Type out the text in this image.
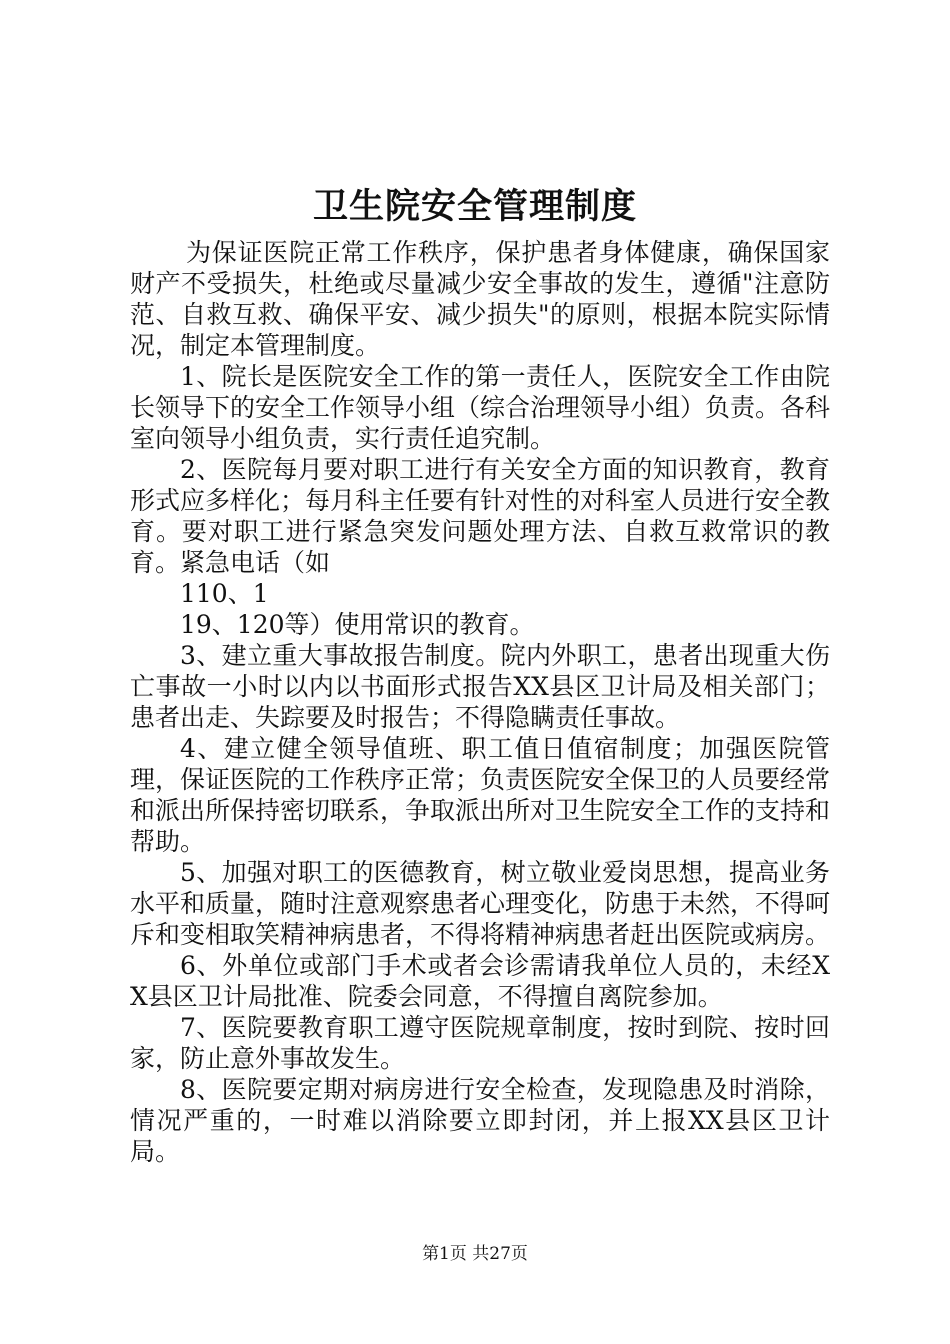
卫生院安全管理制度

为保证医院正常工作秩序，保护患者身体健康，确保国家财产不受损失，杜绝或尽量减少安全事故的发生，遵循"注意防范、自救互救、确保平安、减少损失"的原则，根据本院实际情况，制定本管理制度。

1、院长是医院安全工作的第一责任人，医院安全工作由院长领导下的安全工作领导小组（综合治理领导小组）负责。各科室向领导小组负责，实行责任追究制。

2、医院每月要对职工进行有关安全方面的知识教育，教育形式应多样化；每月科主任要有针对性的对科室人员进行安全教育。要对职工进行紧急突发问题处理方法、自救互救常识的教育。紧急电话（如

110、1

19、120等）使用常识的教育。

3、建立重大事故报告制度。院内外职工，患者出现重大伤亡事故一小时以内以书面形式报告XX县区卫计局及相关部门；患者出走、失踪要及时报告；不得隐瞒责任事故。

4、建立健全领导值班、职工值日值宿制度；加强医院管理，保证医院的工作秩序正常；负责医院安全保卫的人员要经常和派出所保持密切联系，争取派出所对卫生院安全工作的支持和帮助。

5、加强对职工的医德教育，树立敬业爱岗思想，提高业务水平和质量，随时注意观察患者心理变化，防患于未然，不得呵斥和变相取笑精神病患者，不得将精神病患者赶出医院或病房。

6、外单位或部门手术或者会诊需请我单位人员的，未经XX县区卫计局批准、院委会同意，不得擅自离院参加。

7、医院要教育职工遵守医院规章制度，按时到院、按时回家，防止意外事故发生。

8、医院要定期对病房进行安全检查，发现隐患及时消除，情况严重的，一时难以消除要立即封闭，并上报XX县区卫计局。

第1页 共27页
